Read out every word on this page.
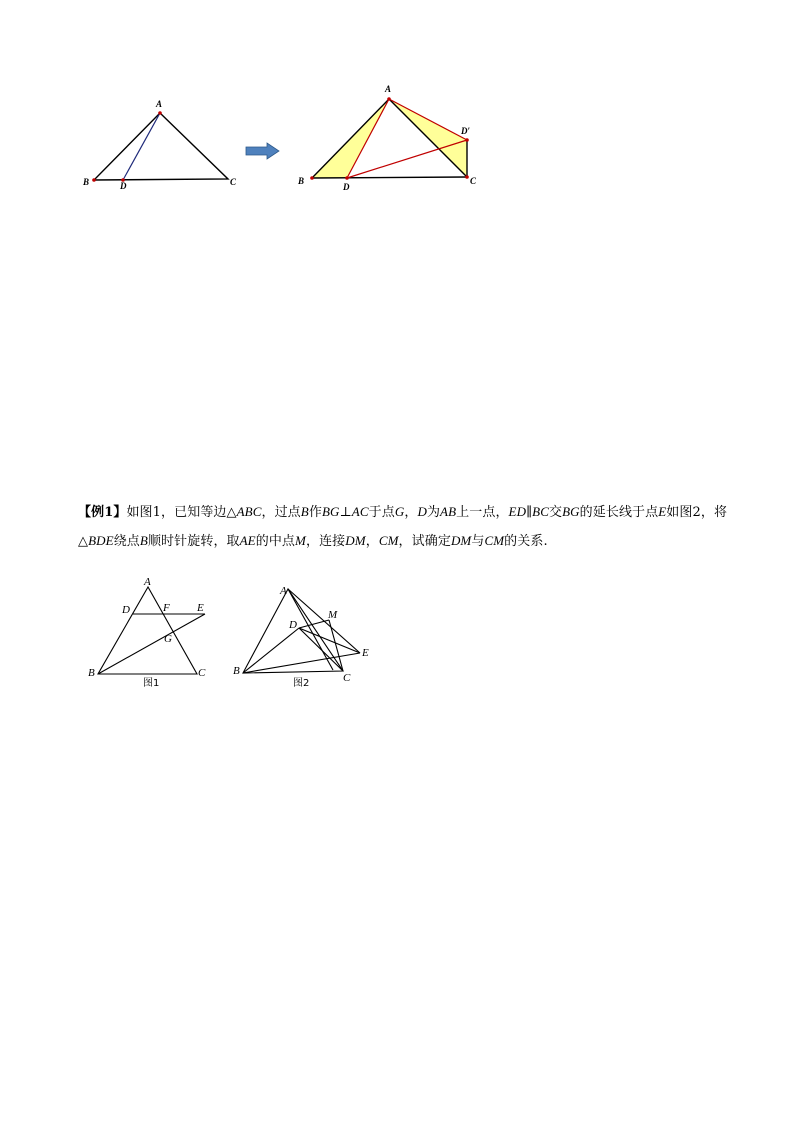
A
B	D	C
A
B
D
D′
C
【例1】如图1，已知等边△ABC，过点B作BG⊥AC于点G，D为AB上一点，ED∥BC交BG的延长线于点E如图2，将△BDE绕点B顺时针旋转，取AE的中点M，连接DM，CM，试确定DM与CM的关系.
A
D	F E
G
B	C
图1
A
D
M
E
B
C
图2
